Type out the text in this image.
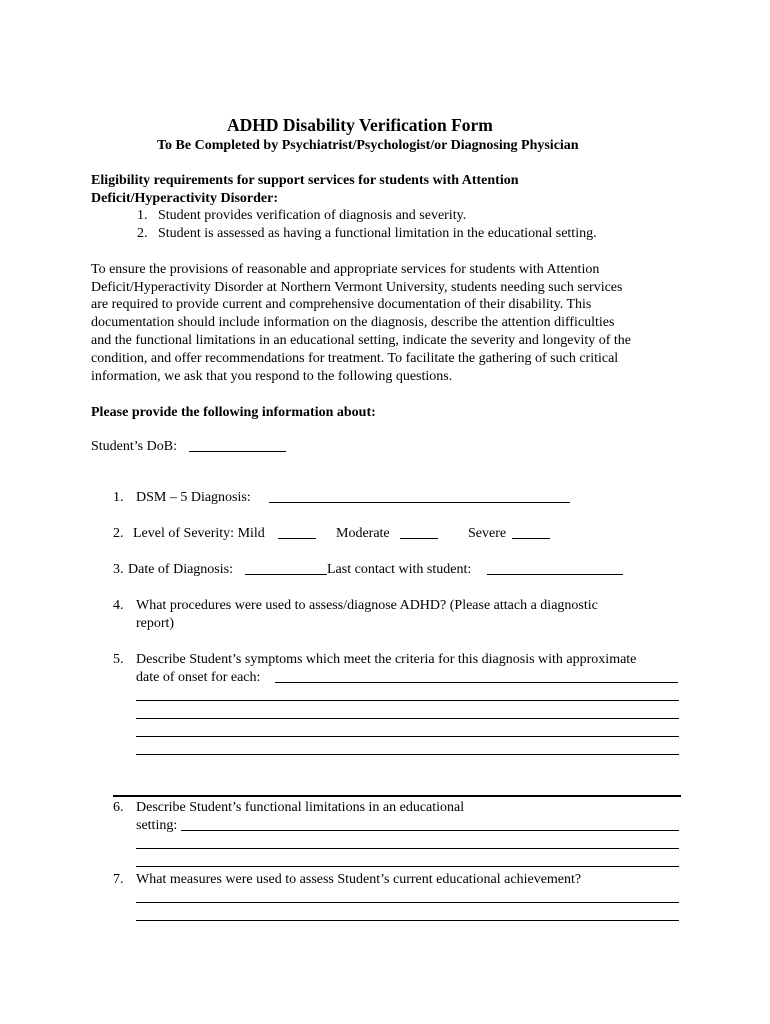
ADHD Disability Verification Form
To Be Completed by Psychiatrist/Psychologist/or Diagnosing Physician
Eligibility requirements for support services for students with Attention
Deficit/Hyperactivity Disorder:
1. Student provides verification of diagnosis and severity.
2. Student is assessed as having a functional limitation in the educational setting.
To ensure the provisions of reasonable and appropriate services for students with Attention
Deficit/Hyperactivity Disorder at Northern Vermont University, students needing such services
are required to provide current and comprehensive documentation of their disability. This
documentation should include information on the diagnosis, describe the attention difficulties
and the functional limitations in an educational setting, indicate the severity and longevity of the
condition, and offer recommendations for treatment. To facilitate the gathering of such critical
information, we ask that you respond to the following questions.
Please provide the following information about:
Student’s DoB:
1. DSM – 5 Diagnosis:
2. Level of Severity: Mild	Moderate	Severe
3. Date of Diagnosis:	Last contact with student:
4. What procedures were used to assess/diagnose ADHD? (Please attach a diagnostic
report)
5. Describe Student’s symptoms which meet the criteria for this diagnosis with approximate
date of onset for each:
6. Describe Student’s functional limitations in an educational
setting:
7. What measures were used to assess Student’s current educational achievement?
